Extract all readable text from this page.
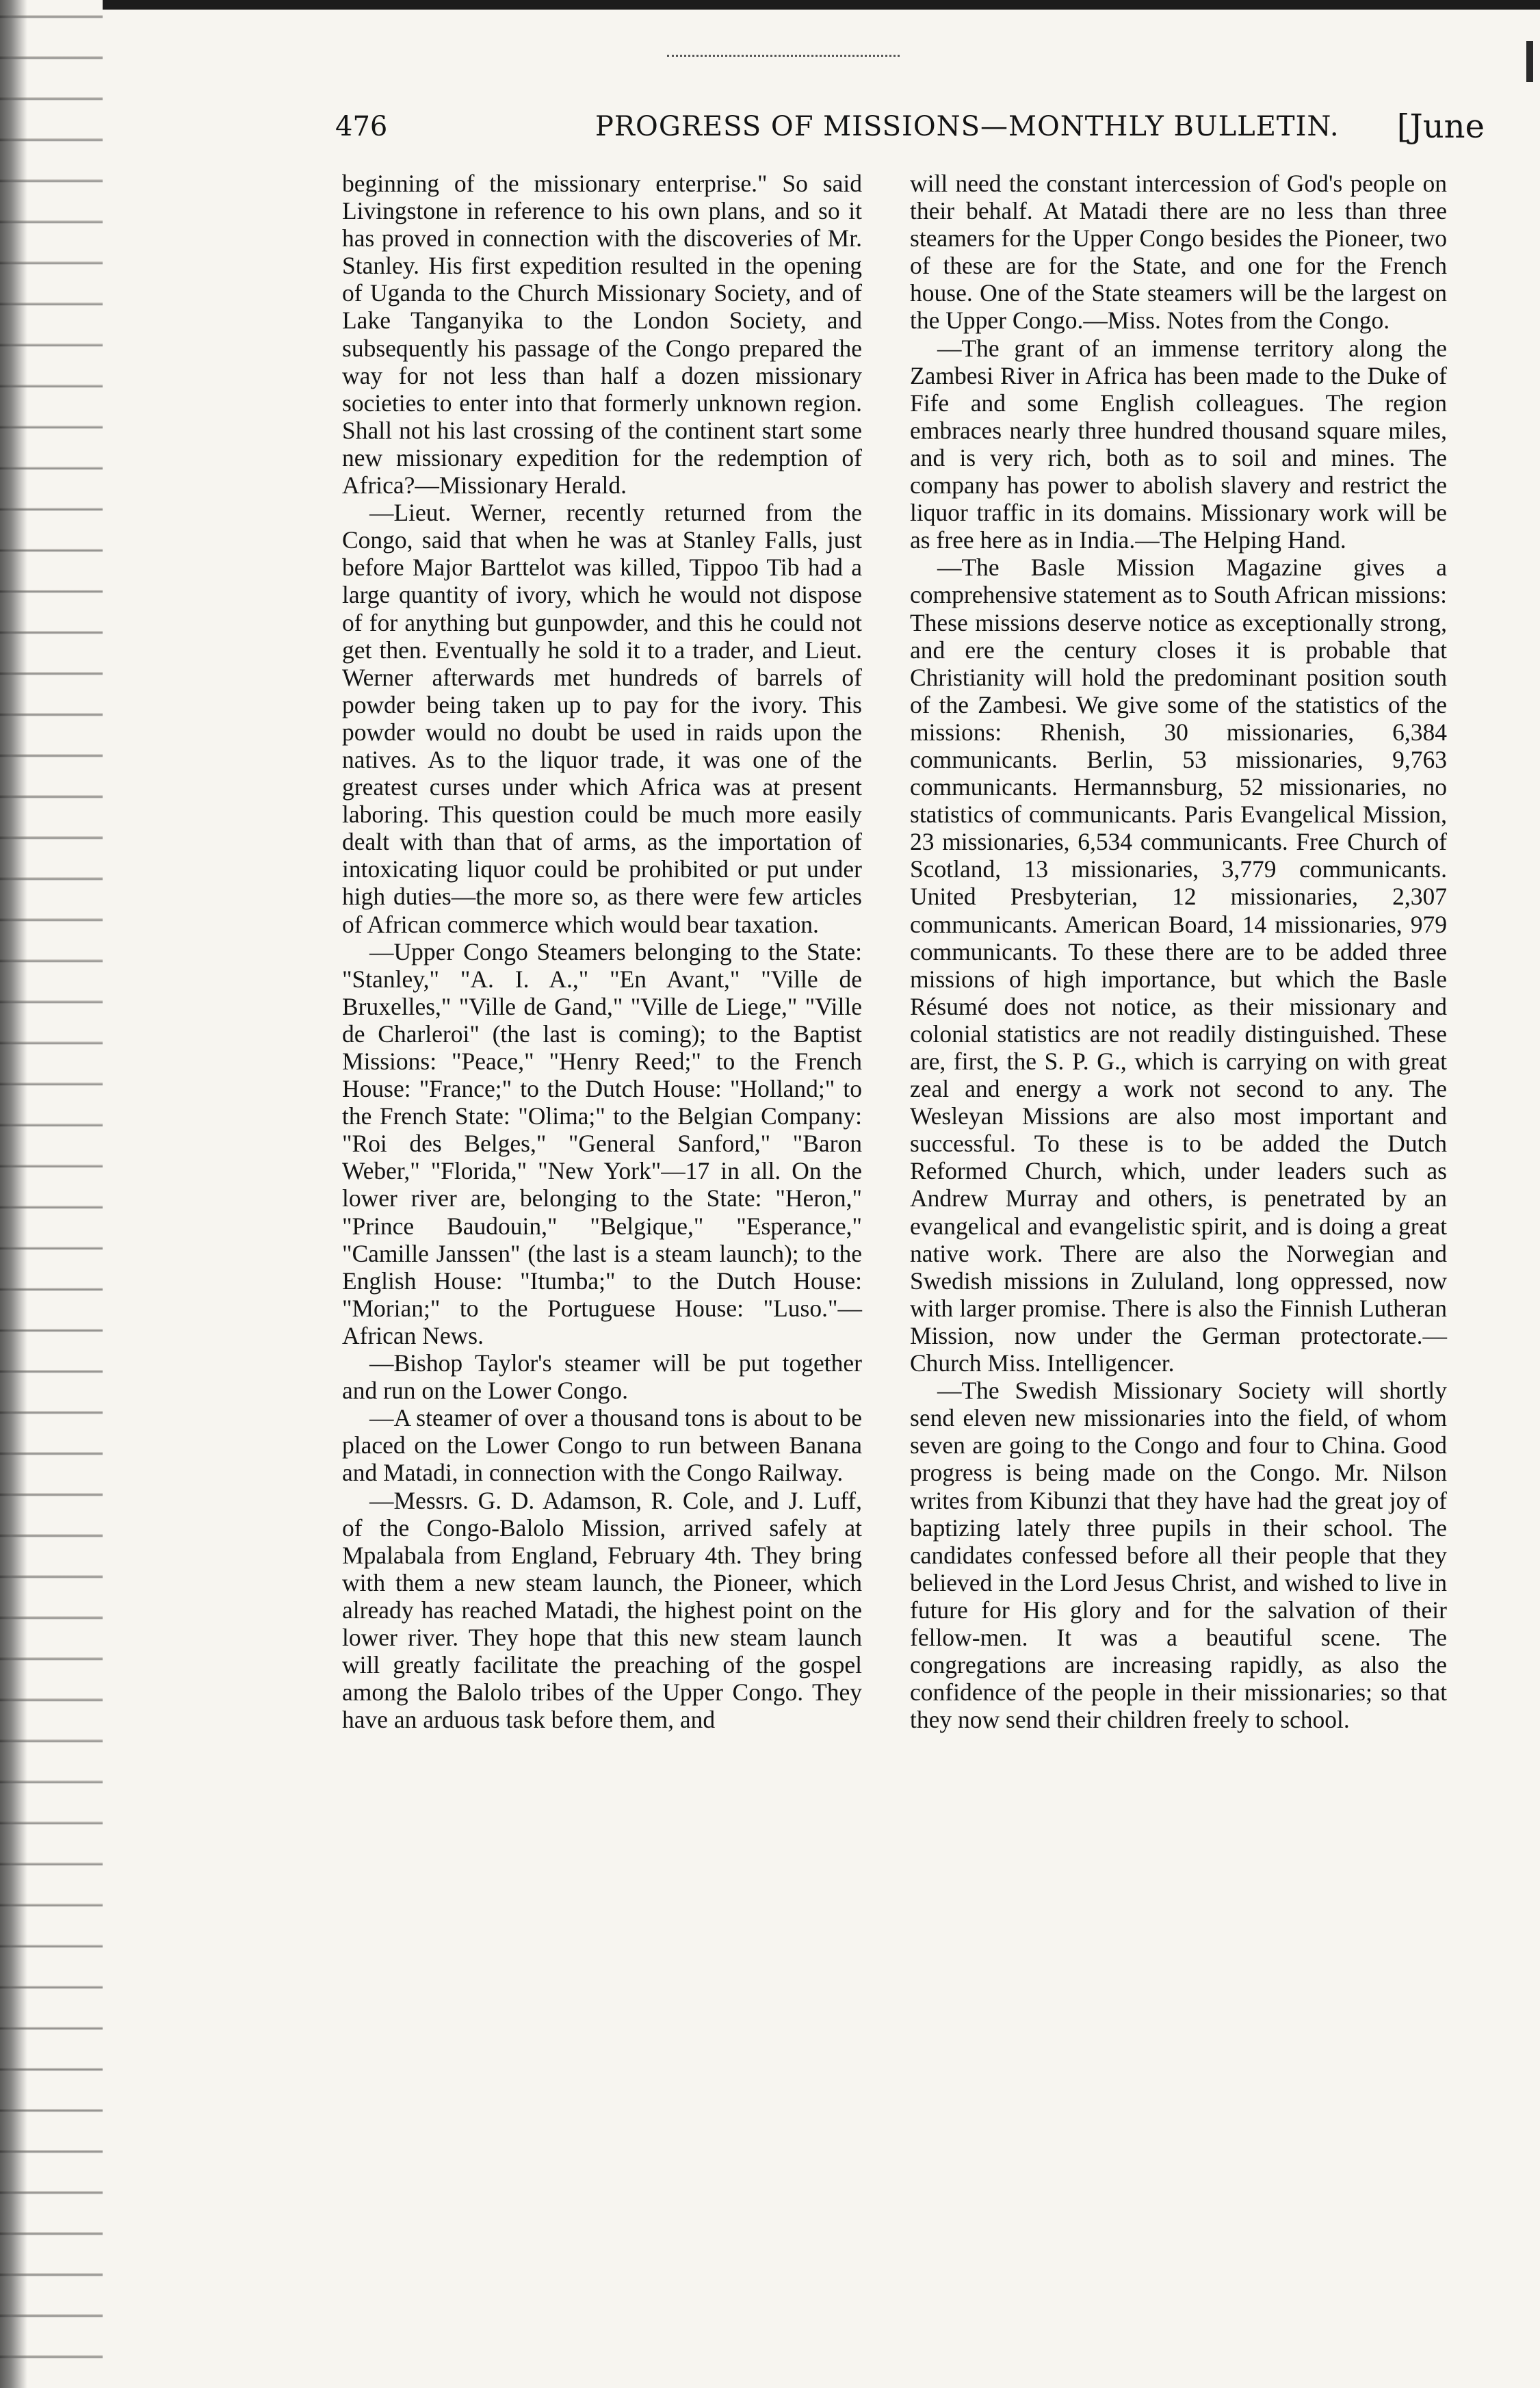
476	PROGRESS OF MISSIONS—MONTHLY BULLETIN. [June

beginning of the missionary enterprise." So said Livingstone in reference to his own plans, and so it has proved in connection with the discoveries of Mr. Stanley. His first expedition resulted in the opening of Uganda to the Church Missionary Society, and of Lake Tanganyika to the London Society, and subsequently his passage of the Congo prepared the way for not less than half a dozen missionary societies to enter into that formerly unknown region. Shall not his last crossing of the continent start some new missionary expedition for the redemption of Africa?—Missionary Herald.

—Lieut. Werner, recently returned from the Congo, said that when he was at Stanley Falls, just before Major Barttelot was killed, Tippoo Tib had a large quantity of ivory, which he would not dispose of for anything but gunpowder, and this he could not get then. Eventually he sold it to a trader, and Lieut. Werner afterwards met hundreds of barrels of powder being taken up to pay for the ivory. This powder would no doubt be used in raids upon the natives. As to the liquor trade, it was one of the greatest curses under which Africa was at present laboring. This question could be much more easily dealt with than that of arms, as the importation of intoxicating liquor could be prohibited or put under high duties—the more so, as there were few articles of African commerce which would bear taxation.

—Upper Congo Steamers belonging to the State: "Stanley," "A. I. A.," "En Avant," "Ville de Bruxelles," "Ville de Gand," "Ville de Liege," "Ville de Charleroi" (the last is coming); to the Baptist Missions: "Peace," "Henry Reed;" to the French House: "France;" to the Dutch House: "Holland;" to the French State: "Olima;" to the Belgian Company: "Roi des Belges," "General Sanford," "Baron Weber," "Florida," "New York"—17 in all. On the lower river are, belonging to the State: "Heron," "Prince Baudouin," "Belgique," "Esperance," "Camille Janssen" (the last is a steam launch); to the English House: "Itumba;" to the Dutch House: "Morian;" to the Portuguese House: "Luso."—African News.

—Bishop Taylor's steamer will be put together and run on the Lower Congo.

—A steamer of over a thousand tons is about to be placed on the Lower Congo to run between Banana and Matadi, in connection with the Congo Railway.

—Messrs. G. D. Adamson, R. Cole, and J. Luff, of the Congo-Balolo Mission, arrived safely at Mpalabala from England, February 4th. They bring with them a new steam launch, the Pioneer, which already has reached Matadi, the highest point on the lower river. They hope that this new steam launch will greatly facilitate the preaching of the gospel among the Balolo tribes of the Upper Congo. They have an arduous task before them, and

will need the constant intercession of God's people on their behalf. At Matadi there are no less than three steamers for the Upper Congo besides the Pioneer, two of these are for the State, and one for the French house. One of the State steamers will be the largest on the Upper Congo.—Miss. Notes from the Congo.

—The grant of an immense territory along the Zambesi River in Africa has been made to the Duke of Fife and some English colleagues. The region embraces nearly three hundred thousand square miles, and is very rich, both as to soil and mines. The company has power to abolish slavery and restrict the liquor traffic in its domains. Missionary work will be as free here as in India.—The Helping Hand.

—The Basle Mission Magazine gives a comprehensive statement as to South African missions: These missions deserve notice as exceptionally strong, and ere the century closes it is probable that Christianity will hold the predominant position south of the Zambesi. We give some of the statistics of the missions: Rhenish, 30 missionaries, 6,384 communicants. Berlin, 53 missionaries, 9,763 communicants. Hermannsburg, 52 missionaries, no statistics of communicants. Paris Evangelical Mission, 23 missionaries, 6,534 communicants. Free Church of Scotland, 13 missionaries, 3,779 communicants. United Presbyterian, 12 missionaries, 2,307 communicants. American Board, 14 missionaries, 979 communicants. To these there are to be added three missions of high importance, but which the Basle Résumé does not notice, as their missionary and colonial statistics are not readily distinguished. These are, first, the S. P. G., which is carrying on with great zeal and energy a work not second to any. The Wesleyan Missions are also most important and successful. To these is to be added the Dutch Reformed Church, which, under leaders such as Andrew Murray and others, is penetrated by an evangelical and evangelistic spirit, and is doing a great native work. There are also the Norwegian and Swedish missions in Zululand, long oppressed, now with larger promise. There is also the Finnish Lutheran Mission, now under the German protectorate.—Church Miss. Intelligencer.

—The Swedish Missionary Society will shortly send eleven new missionaries into the field, of whom seven are going to the Congo and four to China. Good progress is being made on the Congo. Mr. Nilson writes from Kibunzi that they have had the great joy of baptizing lately three pupils in their school. The candidates confessed before all their people that they believed in the Lord Jesus Christ, and wished to live in future for His glory and for the salvation of their fellow-men. It was a beautiful scene. The congregations are increasing rapidly, as also the confidence of the people in their missionaries; so that they now send their children freely to school.
